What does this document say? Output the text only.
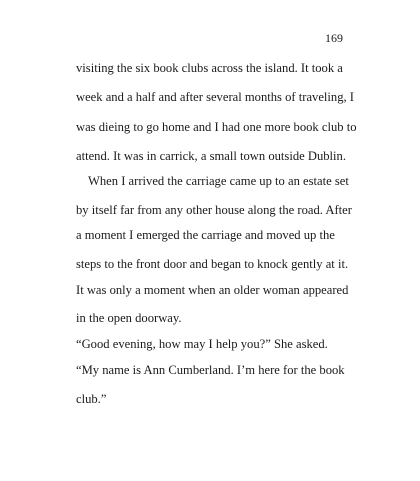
169
visiting the six book clubs across the island. It took a
week and a half and after several months of traveling, I
was dieing to go home and I had one more book club to
attend. It was in carrick, a small town outside Dublin.
When I arrived the carriage came up to an estate set
by itself far from any other house along the road. After
a moment I emerged the carriage and moved up the
steps to the front door and began to knock gently at it.
It was only a moment when an older woman appeared
in the open doorway.
“Good evening, how may I help you?” She asked.
“My name is Ann Cumberland. I’m here for the book
club.”
